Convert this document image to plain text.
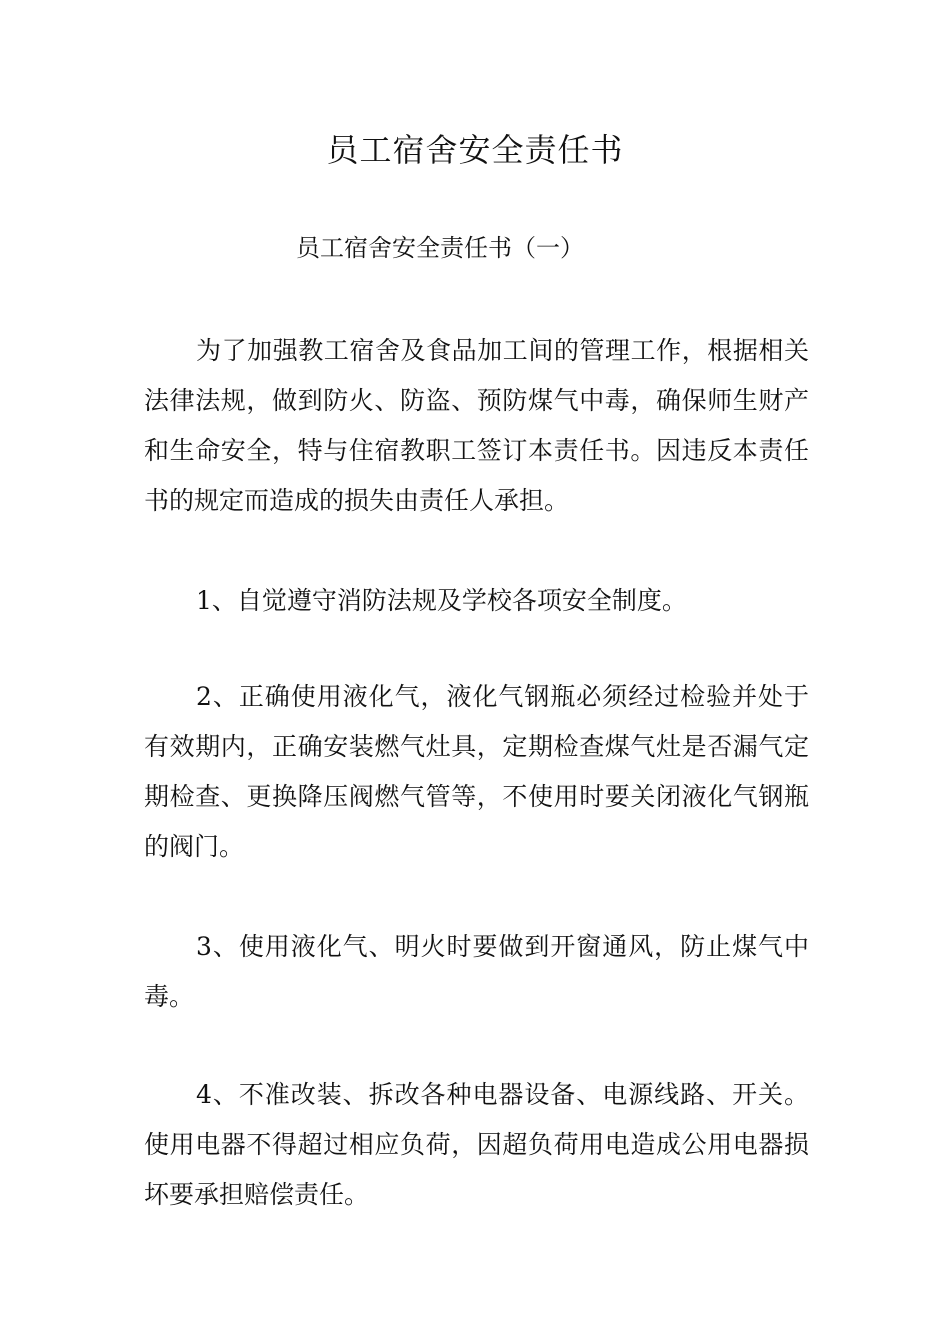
员工宿舍安全责任书

员工宿舍安全责任书（一）

为了加强教工宿舍及食品加工间的管理工作，根据相关法律法规，做到防火、防盗、预防煤气中毒，确保师生财产和生命安全，特与住宿教职工签订本责任书。因违反本责任书的规定而造成的损失由责任人承担。

1、自觉遵守消防法规及学校各项安全制度。

2、正确使用液化气，液化气钢瓶必须经过检验并处于有效期内，正确安装燃气灶具，定期检查煤气灶是否漏气定期检查、更换降压阀燃气管等，不使用时要关闭液化气钢瓶的阀门。

3、使用液化气、明火时要做到开窗通风，防止煤气中毒。

4、不准改装、拆改各种电器设备、电源线路、开关。使用电器不得超过相应负荷，因超负荷用电造成公用电器损坏要承担赔偿责任。
